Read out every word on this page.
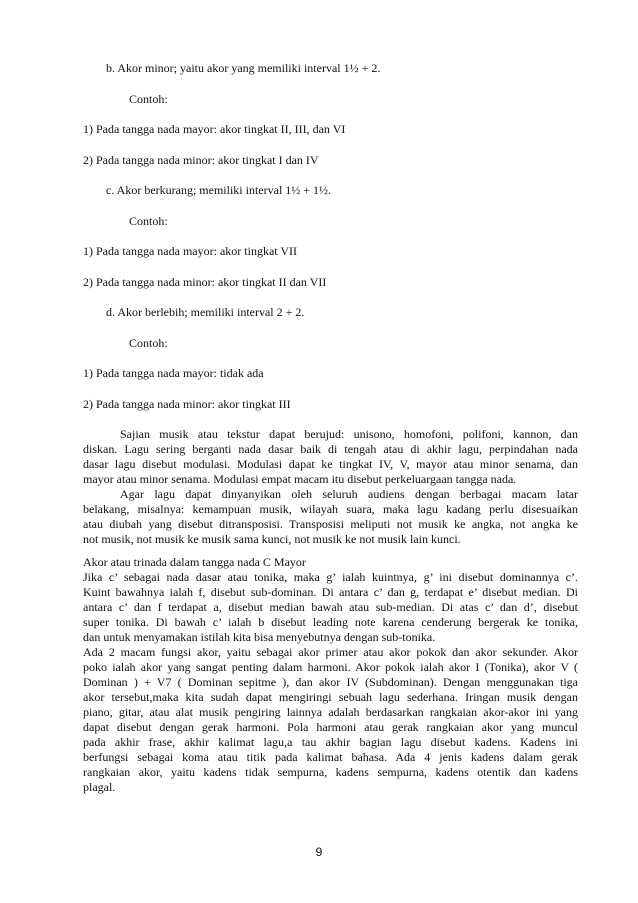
b. Akor minor; yaitu akor yang memiliki interval 1½ + 2.
Contoh:
1) Pada tangga nada mayor: akor tingkat II, III, dan VI
2) Pada tangga nada minor: akor tingkat I dan IV
c. Akor berkurang; memiliki interval 1½ + 1½.
Contoh:
1) Pada tangga nada mayor: akor tingkat VII
2) Pada tangga nada minor: akor tingkat II dan VII
d. Akor berlebih; memiliki interval 2 + 2.
Contoh:
1) Pada tangga nada mayor: tidak ada
2) Pada tangga nada minor: akor tingkat III
Sajian musik atau tekstur dapat berujud: unisono, homofoni, polifoni, kannon, dan
diskan. Lagu sering berganti nada dasar baik di tengah atau di akhir lagu, perpindahan nada
dasar lagu disebut modulasi. Modulasi dapat ke tingkat IV, V, mayor atau minor senama, dan
mayor atau minor senama. Modulasi empat macam itu disebut perkeluargaan tangga nada.
Agar lagu dapat dinyanyikan oleh seluruh audiens dengan berbagai macam latar
belakang, misalnya: kemampuan musik, wilayah suara, maka lagu kadang perlu disesuaikan
atau diubah yang disebut ditransposisi. Transposisi meliputi not musik ke angka, not angka ke
not musik, not musik ke musik sama kunci, not musik ke not musik lain kunci.
Akor atau trinada dalam tangga nada C Mayor
Jika c’ sebagai nada dasar atau tonika, maka g’ ialah kuintnya, g’ ini disebut dominannya c’.
Kuint bawahnya ialah f, disebut sub-dominan. Di antara c’ dan g, terdapat e’ disebut median. Di
antara c’ dan f terdapat a, disebut median bawah atau sub-median. Di atas c’ dan d’, disebut
super tonika. Di bawah c’ ialah b disebut leading note karena cenderung bergerak ke tonika,
dan untuk menyamakan istilah kita bisa menyebutnya dengan sub-tonika.
Ada 2 macam fungsi akor, yaitu sebagai akor primer atau akor pokok dan akor sekunder. Akor
poko ialah akor yang sangat penting dalam harmoni. Akor pokok ialah akor I (Tonika), akor V (
Dominan ) + V7 ( Dominan sepitme ), dan akor IV (Subdominan). Dengan menggunakan tiga
akor tersebut,maka kita sudah dapat mengiringi sebuah lagu sederhana. Iringan musik dengan
piano, gitar, atau alat musik pengiring lainnya adalah berdasarkan rangkaian akor-akor ini yang
dapat disebut dengan gerak harmoni. Pola harmoni atau gerak rangkaian akor yang muncul
pada akhir frase, akhir kalimat lagu,a tau akhir bagian lagu disebut kadens. Kadens ini
berfungsi sebagai koma atau titik pada kalimat bahasa. Ada 4 jenis kadens dalam gerak
rangkaian akor, yaitu kadens tidak sempurna, kadens sempurna, kadens otentik dan kadens
plagal.
9
